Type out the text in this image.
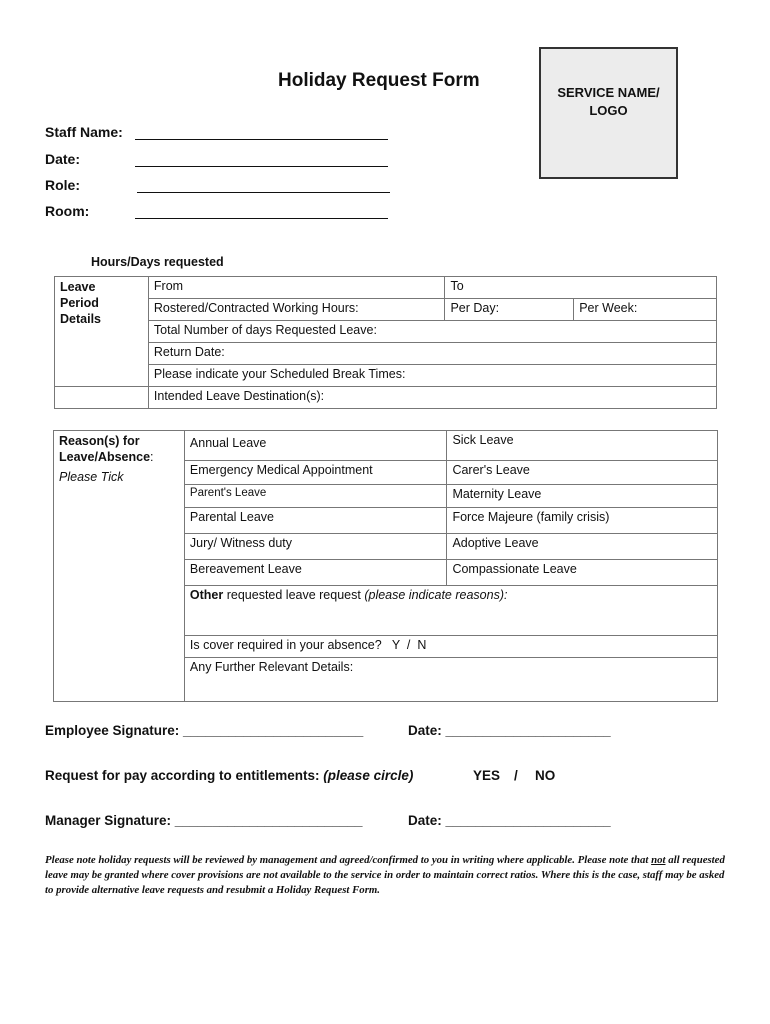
Holiday Request Form
SERVICE NAME/
LOGO
Staff Name:
Date:
Role:
Room:
Hours/Days requested
Leave
Period
Details	From	To	
	Rostered/Contracted Working Hours:	Per Day:	Per Week:
	Total Number of days Requested Leave:		
	Return Date:		
	Please indicate your Scheduled Break Times:		
	Intended Leave Destination(s):		
Reason(s) for
Leave/Absence:
Please Tick	Annual Leave	Sick Leave
	Emergency Medical Appointment	Carer's Leave
	Parent's Leave	Maternity Leave
	Parental Leave	Force Majeure (family crisis)
	Jury/ Witness duty	Adoptive Leave
	Bereavement Leave	Compassionate Leave
	Other requested leave request (please indicate reasons):	
	Is cover required in your absence?   Y  /  N	
	Any Further Relevant Details:	
Employee Signature: ________________________	Date: ______________________
Request for pay according to entitlements: (please circle)	YES / NO
Manager Signature: _________________________	Date: ______________________
Please note holiday requests will be reviewed by management and agreed/confirmed to you in writing where applicable. Please note that not all requested leave may be granted where cover provisions are not available to the service in order to maintain correct ratios. Where this is the case, staff may be asked to provide alternative leave requests and resubmit a Holiday Request Form.
